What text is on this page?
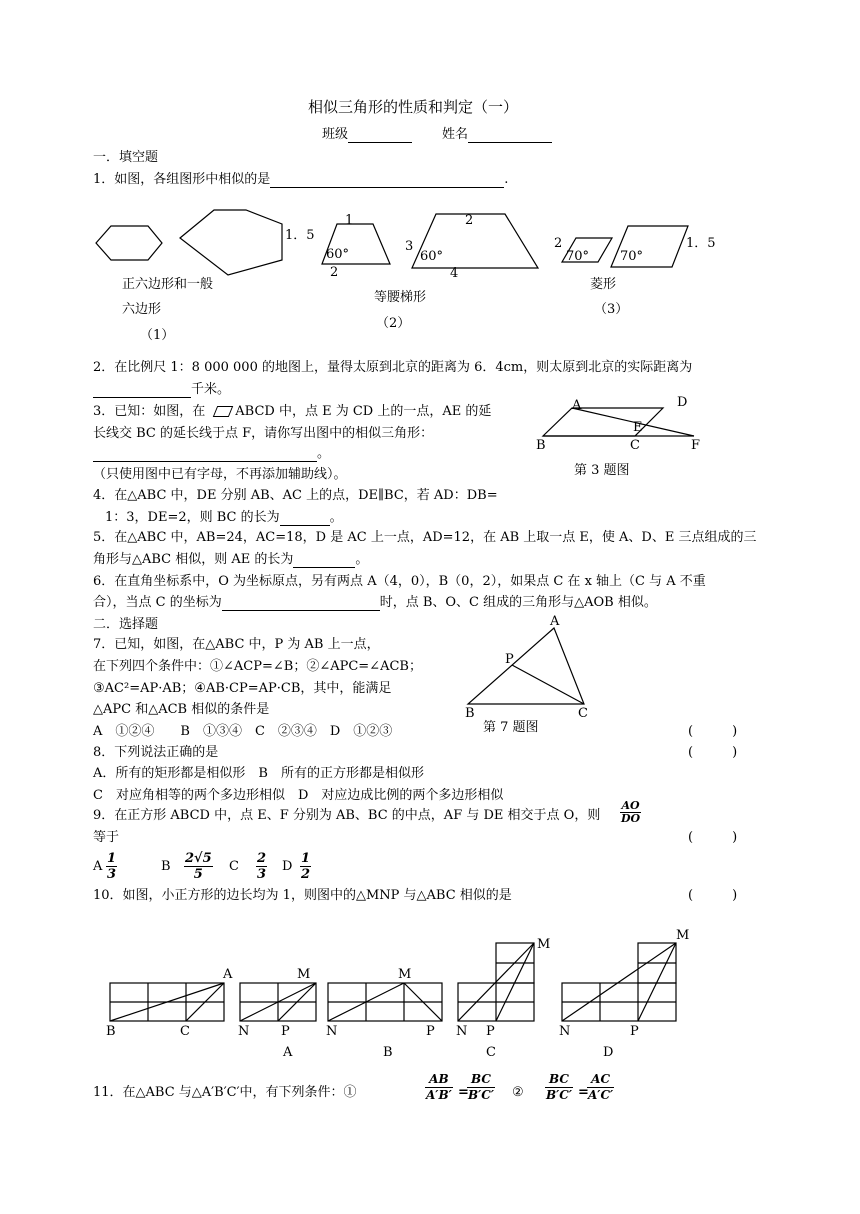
相似三角形的性质和判定（一）
班级	姓名
一．填空题
1．如图，各组图形中相似的是	.
1
1．5
60°
2
2
3
60°
4
2
70° 70°
1．5
正六边形和一般
六边形
（1）
等腰梯形
（2）
菱形
（3）
2．在比例尺 1：8 000 000 的地图上，量得太原到北京的距离为 6．4cm，则太原到北京的实际距离为
千米。
3．已知：如图，在 ABCD 中，点 E 为 CD 上的一点，AE 的延
长线交 BC 的延长线于点 F，请你写出图中的相似三角形：
。
（只使用图中已有字母，不再添加辅助线）。
A	D
B
E
C	F
第 3 题图
4．在△ABC 中，DE 分别 AB、AC 上的点，DE∥BC，若 AD：DB=
1：3，DE=2，则 BC 的长为	。
5．在△ABC 中，AB=24，AC=18，D 是 AC 上一点，AD=12，在 AB 上取一点 E，使 A、D、E 三点组成的三
角形与△ABC 相似，则 AE 的长为	。
6．在直角坐标系中，O 为坐标原点，另有两点 A（4，0），B（0，2），如果点 C 在 x 轴上（C 与 A 不重
合），当点 C 的坐标为	时，点 B、O、C 组成的三角形与△AOB 相似。
二．选择题
7．已知，如图，在△ABC 中，P 为 AB 上一点，
在下列四个条件中：①∠ACP=∠B；②∠APC=∠ACB；
③AC²=AP·AB；④AB·CP=AP·CB，其中，能满足
△APC 和△ACB 相似的条件是
A　①②④　　B　①③④　C　②③④　D　①②③	(　　　)
A
P
B	C
第 7 题图
8．下列说法正确的是	(　　　)
A．所有的矩形都是相似形　B　所有的正方形都是相似形
C　对应角相等的两个多边形相似　D　对应边成比例的两个多边形相似
9．在正方形 ABCD 中，点 E、F 分别为 AB、BC 的中点，AF 与 DE 相交于点 O，则 $\frac{AO}{DO}$
等于	(　　　)
A $\frac{1}{3}$	B $\frac{2√5}{5}$ C $\frac{2}{3}$ D $\frac{1}{2}$
10．如图，小正方形的边长均为 1，则图中的△MNP 与△ABC 相似的是	(　　　)
A
B	C
M
N P
M
N	P
M
N P
M
N	P
A	B	C	D
11．在△ABC 与△A′B′C′中，有下列条件：①	$\frac{AB}{A'B'}$ =
$\frac{BC}{B'C'}$ ② $\frac{BC}{B'C'}$ =
$\frac{AC}{A'C'}$
